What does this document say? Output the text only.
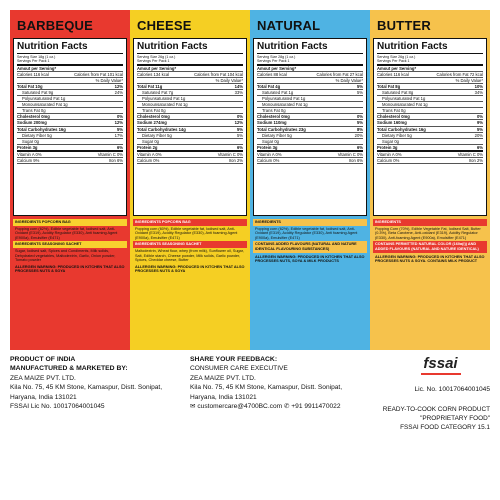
BARBEQUE
Nutrition Facts
Serving Size 18g (1 oz.)
Servings Per Pack 1
Amout per Serving*
Calories 116 kcal	Calories from Fat 101 kcal
% Daily Value*
Total Fat 10g	12%
Saturated Fat 9g	24%
Polyunsaturated Fat 1g
Monounsaturated Fat 1g
Trans Fat 0g
Cholesterol 0mg	0%
Sodium 200mg	12%
Total Carbohydrates 16g	5%
Dietary Fiber 5g	17%
Sugar 0g
Protein 3g	6%
Vitamin A 0%	Vitamin C 0%
Calcium 9%	Iron 6%
INGREDIENTS POPCORN BAG
Popping corn (62%), Edible vegetable fat, Iodised salt, Anti-Oxidant (E319), Acidity Regulator (E330), Anti foaming Agent (E900a), Emulsifier (E471)
INGREDIENTS SEASONING SACHET
Sugar, Iodised salt, Spices and Condiments, Milk solids, Dehydrated vegetables, Maltodextrin, Garlic, Onion powder, Tomato powder
ALLERGEN WARNING: PRODUCED IN KITCHEN THAT ALSO PROCESSES NUTS & SOYA
CHEESE
Nutrition Facts
Serving Size 26g (1 oz.)
Servings Per Pack 1
Amout per Serving*
Calories 134 kcal	Calories from Fat 104 kcal
% Daily Value*
Total Fat 11g	14%
Saturated Fat 7g	33%
Polyunsaturated Fat 1g
Monounsaturated Fat 1g
Trans Fat 0g
Cholesterol 0mg	0%
Sodium 274mg	12%
Total Carbohydrates 14g	5%
Dietary Fiber 5g	5%
Sugar 0g
Protein 2g	6%
Vitamin A 0%	Vitamin C 0%
Calcium 0%	Iron 2%
INGREDIENTS POPCORN BAG
Popping corn (60%), Edible vegetable fat, Iodised salt, Anti-Oxidant (E319), Acidity Regulator (E330), Anti foaming Agent (E900a), Emulsifier (E471)
INGREDIENTS SEASONING SACHET
Maltodextrin, Wheat flour, whey (from milk), Sunflower oil, Sugar, Salt, Edible starch, Cheese powder, Milk solids, Garlic powder, Spices, Cheddar cheese, Butter
ALLERGEN WARNING: PRODUCED IN KITCHEN THAT ALSO PROCESSES NUTS & SOYA
NATURAL
Nutrition Facts
Serving Size 28g (1 oz.)
Servings Per Pack 1
Amout per Serving*
Calories 88 kcal	Calories from Fat 27 kcal
% Daily Value*
Total Fat 4g	5%
Saturated Fat 1g	5%
Polyunsaturated Fat 1g
Monounsaturated Fat 1g
Trans Fat 0g
Cholesterol 0mg	0%
Sodium 110mg	5%
Total Carbohydrates 23g	8%
Dietary Fiber 5g	20%
Sugar 0g
Protein 3g	6%
Vitamin A 0%	Vitamin C 0%
Calcium 0%	Iron 6%
INGREDIENTS
Popping corn (62%), Edible vegetable fat, Iodised salt, Anti-Oxidant (E319), Acidity Regulator (E330), Anti foaming Agent (E900a), Emulsifier (E471)
CONTAINS ADDED FLAVOURS (NATURAL AND NATURE IDENTICAL FLAVOURING SUBSTANCES)
ALLERGEN WARNING: PRODUCED IN KITCHEN THAT ALSO PROCESSES NUTS, SOYA & MILK PRODUCTS
BUTTER
Nutrition Facts
Serving Size 26g (1 oz.)
Servings Per Pack 1
Amout per Serving*
Calories 116 kcal	Calories from Fat 72 kcal
% Daily Value*
Total Fat 8g	10%
Saturated Fat 8g	34%
Polyunsaturated Fat 1g
Monounsaturated Fat 1g
Trans Fat 0g
Cholesterol 0mg	0%
Sodium 160mg	9%
Total Carbohydrates 16g	5%
Dietary Fiber 5g	20%
Sugar 0g
Protein 3g	6%
Vitamin A 0%	Vitamin C 0%
Calcium 0%	Iron 2%
INGREDIENTS
Popping Corn (70%), Edible Vegetable Fat, Iodised Salt, Butter (0.3%), Beta Carotene, Anti-oxidant (E319), Acidity Regulator (E330), Anti-foaming Agent (E900a), Emulsifier (E471)
CONTAINS PERMITTED NATURAL COLOR (160a(i)) AND ADDED FLAVOURS (NATURAL AND NATURE IDENTICAL)
ALLERGEN WARNING: PRODUCED IN KITCHEN THAT ALSO PROCESSES NUTS & SOYA. CONTAINS MILK PRODUCT
PRODUCT OF INDIA
MANUFACTURED & MARKETED BY:
ZEA MAIZE PVT. LTD.
Kila No. 75, 45 KM Stone, Kamaspur, Distt. Sonipat,
Haryana, India 131021
FSSAI Lic No. 10017064001045
SHARE YOUR FEEDBACK:
CONSUMER CARE EXECUTIVE
ZEA MAIZE PVT. LTD.
Kila No. 75, 45 KM Stone, Kamaspur, Distt. Sonipat,
Haryana, India 131021
✉ customercare@4700BC.com ✆ +91 9911470022
fssai
Lic. No. 10017064001045
READY-TO-COOK CORN PRODUCT
"PROPRIETARY FOOD"
FSSAI FOOD CATEGORY 15.1
